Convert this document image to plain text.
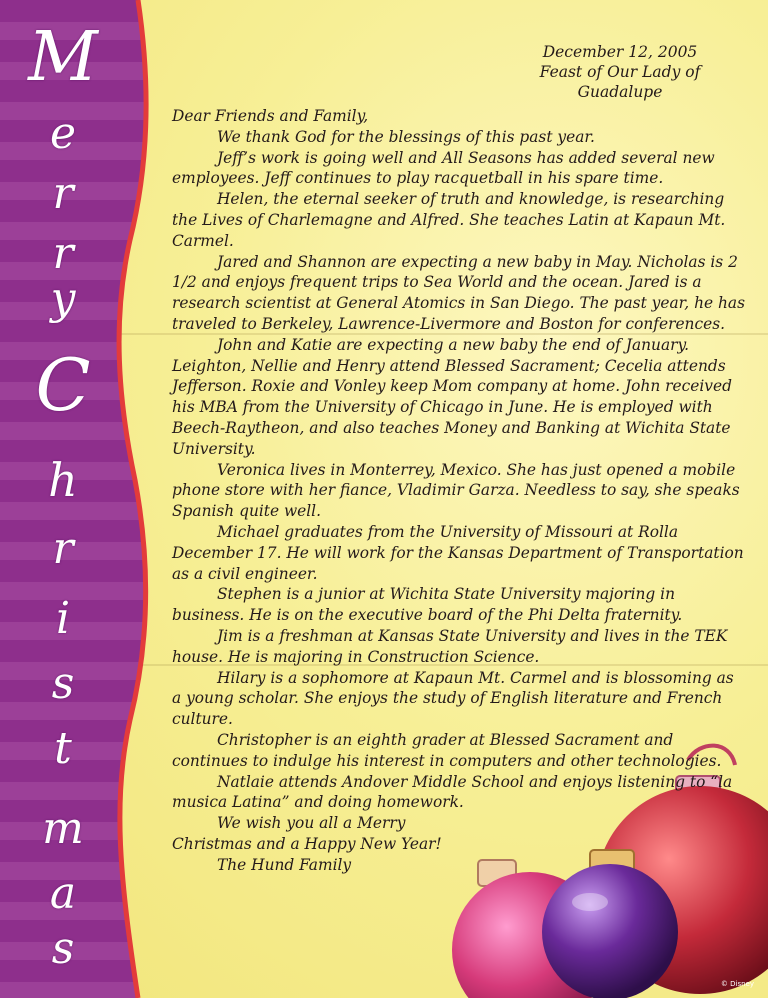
M
e
r
r
y
C
h
r
i
s
t
m
a
s
December 12, 2005
Feast of Our Lady of
Guadalupe

Dear Friends and Family,

We thank God for the blessings of this past year.

Jeff’s work is going well and All Seasons has added several new employees. Jeff continues to play racquetball in his spare time.

Helen, the eternal seeker of truth and knowledge, is researching the Lives of Charlemagne and Alfred. She teaches Latin at Kapaun Mt. Carmel.

Jared and Shannon are expecting a new baby in May. Nicholas is 2 1/2 and enjoys frequent trips to Sea World and the ocean. Jared is a research scientist at General Atomics in San Diego. The past year, he has traveled to Berkeley, Lawrence-Livermore and Boston for conferences.

John and Katie are expecting a new baby the end of January. Leighton, Nellie and Henry attend Blessed Sacrament; Cecelia attends Jefferson. Roxie and Vonley keep Mom company at home. John received his MBA from the University of Chicago in June. He is employed with Beech-Raytheon, and also teaches Money and Banking at Wichita State University.

Veronica lives in Monterrey, Mexico. She has just opened a mobile phone store with her fiance, Vladimir Garza. Needless to say, she speaks Spanish quite well.

Michael graduates from the University of Missouri at Rolla December 17. He will work for the Kansas Department of Transportation as a civil engineer.

Stephen is a junior at Wichita State University majoring in business. He is on the executive board of the Phi Delta fraternity.

Jim is a freshman at Kansas State University and lives in the TEK house. He is majoring in Construction Science.

Hilary is a sophomore at Kapaun Mt. Carmel and is blossoming as a young scholar. She enjoys the study of English literature and French culture.

Christopher is an eighth grader at Blessed Sacrament and continues to indulge his interest in computers and other technologies.

Natlaie attends Andover Middle School and enjoys listening to “la musica Latina” and doing homework.

We wish you all a Merry

Christmas and a Happy New Year!

The Hund Family

© Disney
